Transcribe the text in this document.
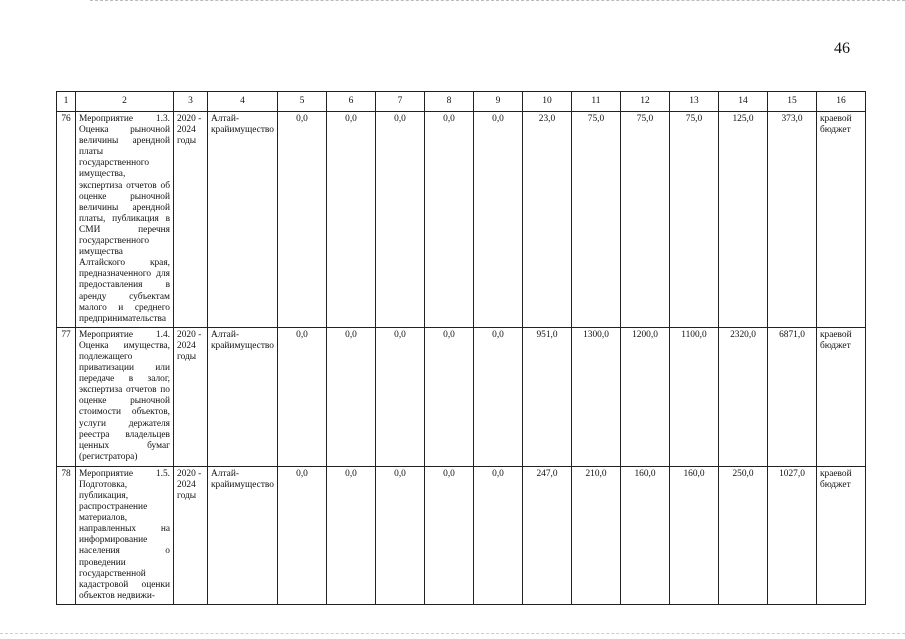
46
1	2	3	4	5	6	7	8	9	10	11	12	13	14	15	16
76	Мероприятие 1.3. Оценка рыночной величины арендной платы государственного имущества, экспертиза отчетов об оценке рыночной величины арендной платы, публикация в СМИ перечня государственного имущества Алтайского края, предназначенного для предоставления в аренду субъектам малого и среднего предпринимательства	2020 - 2024 годы	Алтай-крайимущество	0,0	0,0	0,0	0,0	0,0	23,0	75,0	75,0	75,0	125,0	373,0	краевой бюджет
77	Мероприятие 1.4. Оценка имущества, подлежащего приватизации или передаче в залог, экспертиза отчетов по оценке рыночной стоимости объектов, услуги держателя реестра владельцев ценных бумаг (регистратора)	2020 - 2024 годы	Алтай-крайимущество	0,0	0,0	0,0	0,0	0,0	951,0	1300,0	1200,0	1100,0	2320,0	6871,0	краевой бюджет
78	Мероприятие 1.5. Подготовка, публикация, распространение материалов, направленных на информирование населения о проведении государственной кадастровой оценки объектов недвижи-	2020 - 2024 годы	Алтай-крайимущество	0,0	0,0	0,0	0,0	0,0	247,0	210,0	160,0	160,0	250,0	1027,0	краевой бюджет
